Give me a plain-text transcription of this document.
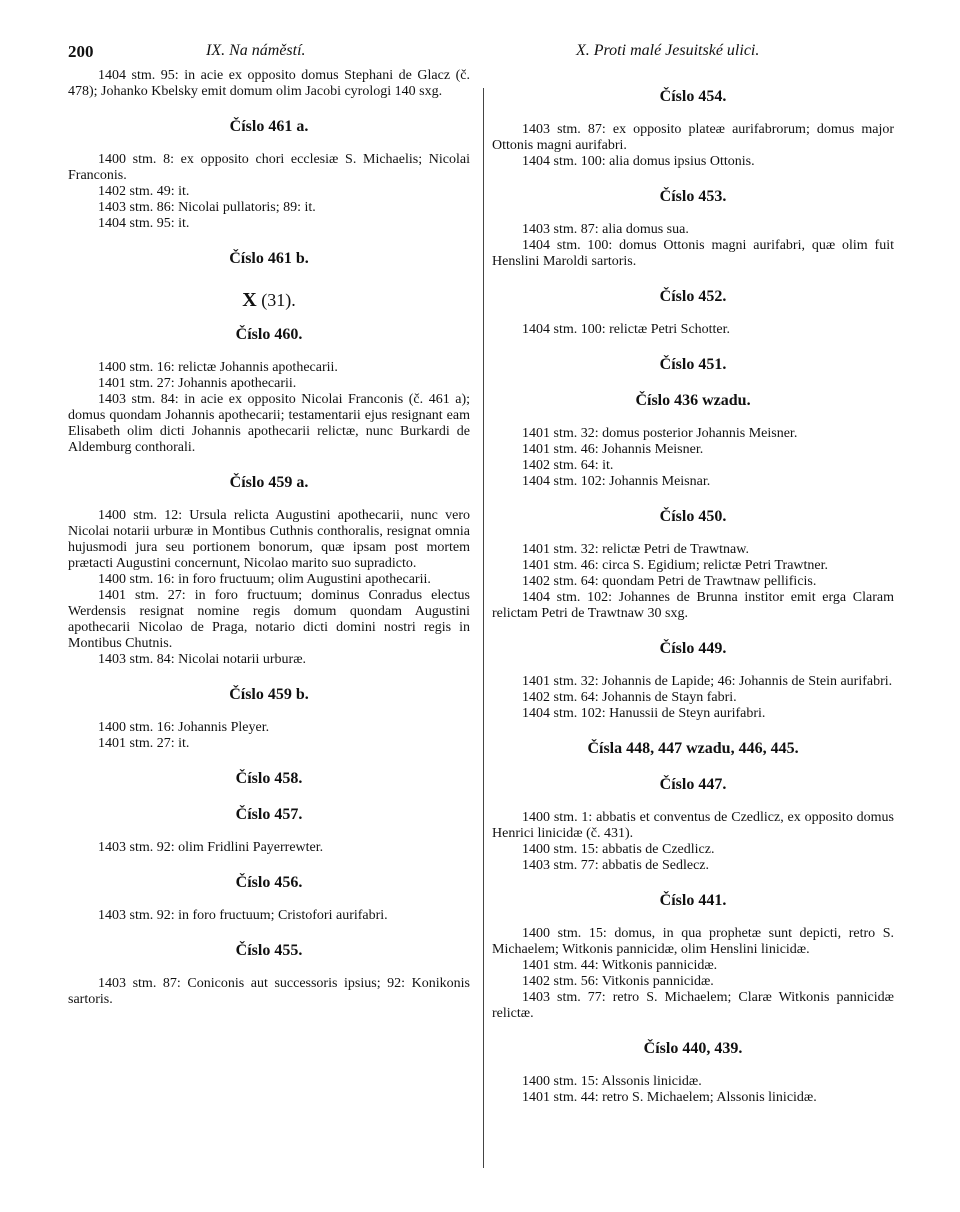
200	IX. Na náměstí.	X. Proti malé Jesuitské ulici.

1404 stm. 95: in acie ex opposito domus Stephani de Glacz (č. 478); Johanko Kbelsky emit domum olim Jacobi cyrologi 140 sxg.

Číslo 461 a.

1400 stm. 8: ex opposito chori ecclesiæ S. Michaelis; Nicolai Franconis.

1402 stm. 49: it.

1403 stm. 86: Nicolai pullatoris; 89: it.

1404 stm. 95: it.

Číslo 461 b.
X (31).
Číslo 460.

1400 stm. 16: relictæ Johannis apothecarii.

1401 stm. 27: Johannis apothecarii.

1403 stm. 84: in acie ex opposito Nicolai Franconis (č. 461 a); domus quondam Johannis apothecarii; testamentarii ejus resignant eam Elisabeth olim dicti Johannis apothecarii relictæ, nunc Burkardi de Aldemburg conthorali.

Číslo 459 a.

1400 stm. 12: Ursula relicta Augustini apothecarii, nunc vero Nicolai notarii urburæ in Montibus Cuthnis conthoralis, resignat omnia hujusmodi jura seu portionem bonorum, quæ ipsam post mortem prætacti Augustini concernunt, Nicolao marito suo supradicto.

1400 stm. 16: in foro fructuum; olim Augustini apothecarii.

1401 stm. 27: in foro fructuum; dominus Conradus electus Werdensis resignat nomine regis domum quondam Augustini apothecarii Nicolao de Praga, notario dicti domini nostri regis in Montibus Chutnis.

1403 stm. 84: Nicolai notarii urburæ.

Číslo 459 b.

1400 stm. 16: Johannis Pleyer.

1401 stm. 27: it.

Číslo 458.
Číslo 457.

1403 stm. 92: olim Fridlini Payerrewter.

Číslo 456.

1403 stm. 92: in foro fructuum; Cristofori aurifabri.

Číslo 455.

1403 stm. 87: Coniconis aut successoris ipsius; 92: Konikonis sartoris.

Číslo 454.

1403 stm. 87: ex opposito plateæ aurifabrorum; domus major Ottonis magni aurifabri.

1404 stm. 100: alia domus ipsius Ottonis.

Číslo 453.

1403 stm. 87: alia domus sua.

1404 stm. 100: domus Ottonis magni aurifabri, quæ olim fuit Henslini Maroldi sartoris.

Číslo 452.

1404 stm. 100: relictæ Petri Schotter.

Číslo 451.
Číslo 436 wzadu.

1401 stm. 32: domus posterior Johannis Meisner.

1401 stm. 46: Johannis Meisner.

1402 stm. 64: it.

1404 stm. 102: Johannis Meisnar.

Číslo 450.

1401 stm. 32: relictæ Petri de Trawtnaw.

1401 stm. 46: circa S. Egidium; relictæ Petri Trawtner.

1402 stm. 64: quondam Petri de Trawtnaw pellificis.

1404 stm. 102: Johannes de Brunna institor emit erga Claram relictam Petri de Trawtnaw 30 sxg.

Číslo 449.

1401 stm. 32: Johannis de Lapide; 46: Johannis de Stein aurifabri.

1402 stm. 64: Johannis de Stayn fabri.

1404 stm. 102: Hanussii de Steyn aurifabri.

Čísla 448, 447 wzadu, 446, 445.
Číslo 447.

1400 stm. 1: abbatis et conventus de Czedlicz, ex opposito domus Henrici linicidæ (č. 431).

1400 stm. 15: abbatis de Czedlicz.

1403 stm. 77: abbatis de Sedlecz.

Číslo 441.

1400 stm. 15: domus, in qua prophetæ sunt depicti, retro S. Michaelem; Witkonis pannicidæ, olim Henslini linicidæ.

1401 stm. 44: Witkonis pannicidæ.

1402 stm. 56: Vitkonis pannicidæ.

1403 stm. 77: retro S. Michaelem; Claræ Witkonis pannicidæ relictæ.

Číslo 440, 439.

1400 stm. 15: Alssonis linicidæ.

1401 stm. 44: retro S. Michaelem; Alssonis linicidæ.
